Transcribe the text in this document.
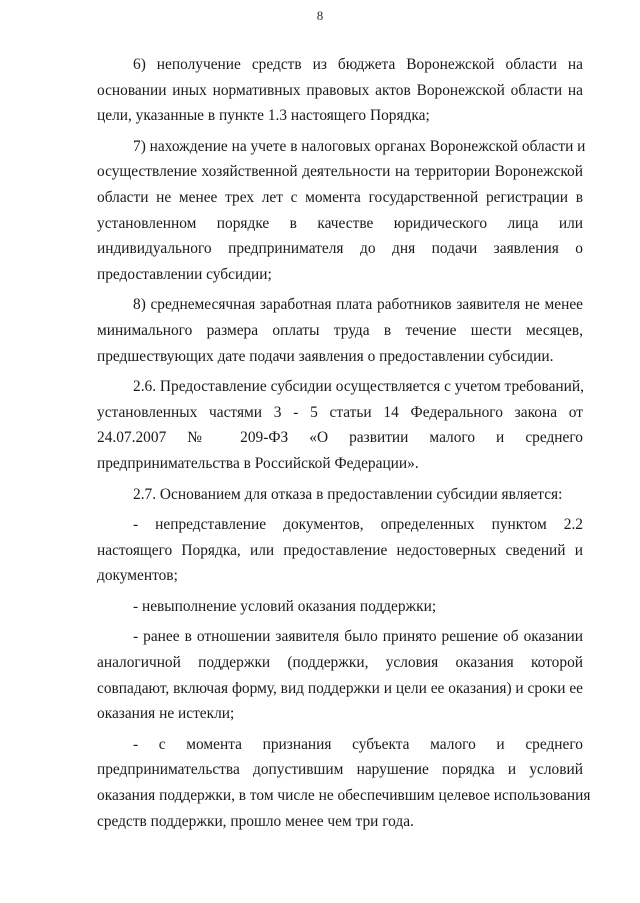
8
6) неполучение средств из бюджета Воронежской области на
основании иных нормативных правовых актов Воронежской области на
цели, указанные в пункте 1.3 настоящего Порядка;
7) нахождение на учете в налоговых органах Воронежской области и
осуществление хозяйственной деятельности на территории Воронежской
области не менее трех лет с момента государственной регистрации в
установленном порядке в качестве юридического лица или
индивидуального предпринимателя до дня подачи заявления о
предоставлении субсидии;
8) среднемесячная заработная плата работников заявителя не менее
минимального размера оплаты труда в течение шести месяцев,
предшествующих дате подачи заявления о предоставлении субсидии.
2.6. Предоставление субсидии осуществляется с учетом требований,
установленных частями 3 - 5 статьи 14 Федерального закона от
24.07.2007 № 209-ФЗ «О развитии малого и среднего
предпринимательства в Российской Федерации».
2.7. Основанием для отказа в предоставлении субсидии является:
- непредставление документов, определенных пунктом 2.2
настоящего Порядка, или предоставление недостоверных сведений и
документов;
- невыполнение условий оказания поддержки;
- ранее в отношении заявителя было принято решение об оказании
аналогичной поддержки (поддержки, условия оказания которой
совпадают, включая форму, вид поддержки и цели ее оказания) и сроки ее
оказания не истекли;
- с момента признания субъекта малого и среднего
предпринимательства допустившим нарушение порядка и условий
оказания поддержки, в том числе не обеспечившим целевое использования
средств поддержки, прошло менее чем три года.
